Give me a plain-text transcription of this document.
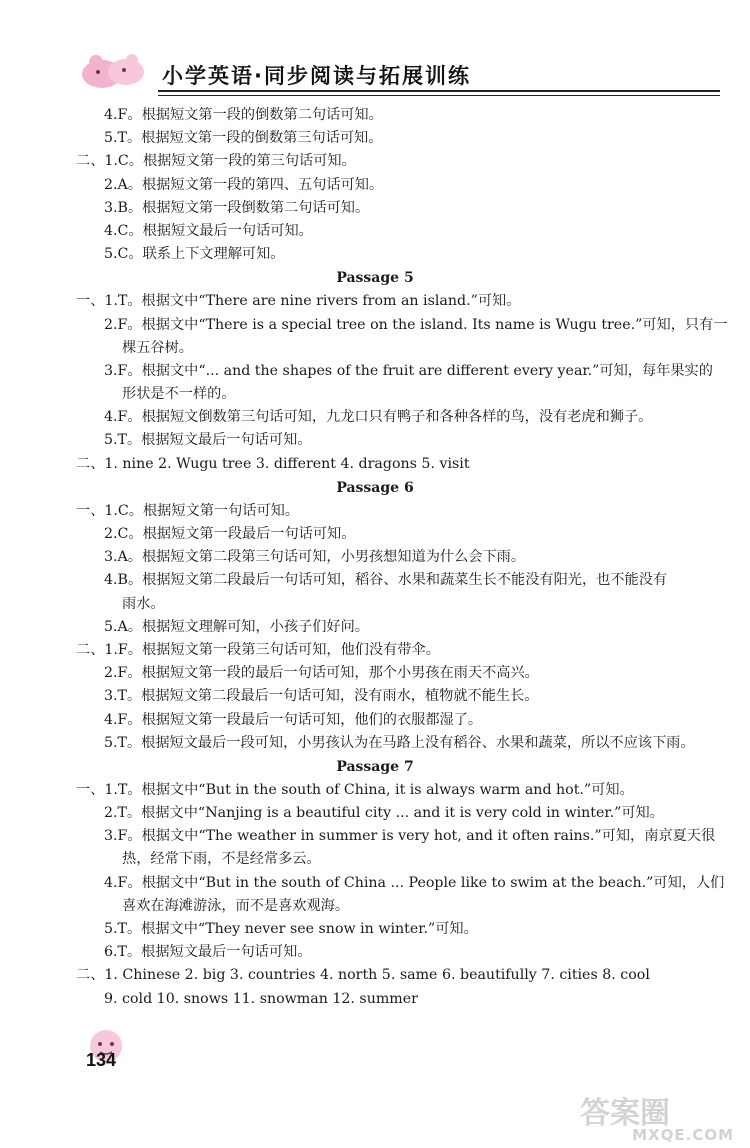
小学英语·同步阅读与拓展训练
4.F。根据短文第一段的倒数第二句话可知。
5.T。根据短文第一段的倒数第三句话可知。
二、1.C。根据短文第一段的第三句话可知。
2.A。根据短文第一段的第四、五句话可知。
3.B。根据短文第一段倒数第二句话可知。
4.C。根据短文最后一句话可知。
5.C。联系上下文理解可知。
Passage 5
一、1.T。根据文中“There are nine rivers from an island.”可知。
2.F。根据文中“There is a special tree on the island. Its name is Wugu tree.”可知，只有一
棵五谷树。
3.F。根据文中“... and the shapes of the fruit are different every year.”可知，每年果实的
形状是不一样的。
4.F。根据短文倒数第三句话可知，九龙口只有鸭子和各种各样的鸟，没有老虎和狮子。
5.T。根据短文最后一句话可知。
二、1. nine 2. Wugu tree 3. different 4. dragons 5. visit
Passage 6
一、1.C。根据短文第一句话可知。
2.C。根据短文第一段最后一句话可知。
3.A。根据短文第二段第三句话可知，小男孩想知道为什么会下雨。
4.B。根据短文第二段最后一句话可知，稻谷、水果和蔬菜生长不能没有阳光，也不能没有
雨水。
5.A。根据短文理解可知，小孩子们好问。
二、1.F。根据短文第一段第三句话可知，他们没有带伞。
2.F。根据短文第一段的最后一句话可知，那个小男孩在雨天不高兴。
3.T。根据短文第二段最后一句话可知，没有雨水，植物就不能生长。
4.F。根据短文第一段最后一句话可知，他们的衣服都湿了。
5.T。根据短文最后一段可知，小男孩认为在马路上没有稻谷、水果和蔬菜，所以不应该下雨。
Passage 7
一、1.T。根据文中“But in the south of China, it is always warm and hot.”可知。
2.T。根据文中“Nanjing is a beautiful city ... and it is very cold in winter.”可知。
3.F。根据文中“The weather in summer is very hot, and it often rains.”可知，南京夏天很
热，经常下雨，不是经常多云。
4.F。根据文中“But in the south of China ... People like to swim at the beach.”可知，人们
喜欢在海滩游泳，而不是喜欢观海。
5.T。根据文中“They never see snow in winter.”可知。
6.T。根据短文最后一句话可知。
二、1. Chinese 2. big 3. countries 4. north 5. same 6. beautifully 7. cities 8. cool
9. cold 10. snows 11. snowman 12. summer
134
答案圈
MXQE.COM
